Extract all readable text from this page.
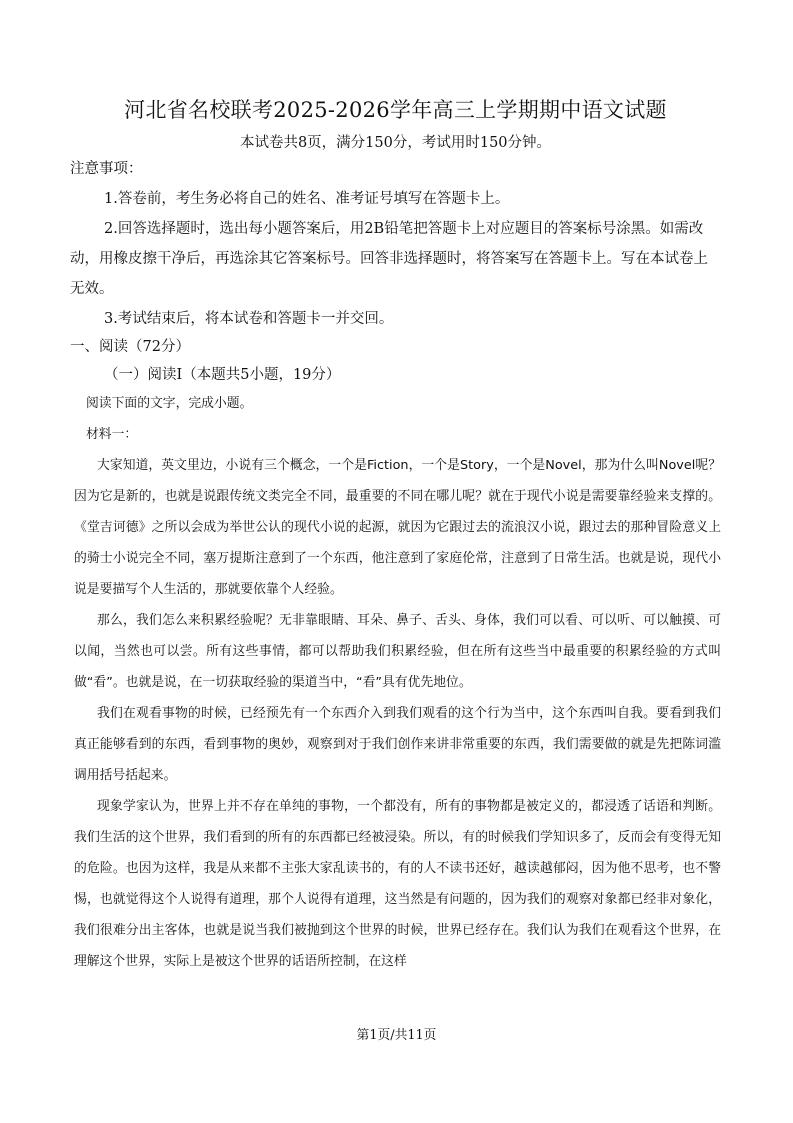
河北省名校联考2025-2026学年高三上学期期中语文试题
本试卷共8页，满分150分，考试用时150分钟。
注意事项：

1.答卷前，考生务必将自己的姓名、准考证号填写在答题卡上。

2.回答选择题时，选出每小题答案后，用2B铅笔把答题卡上对应题目的答案标号涂黑。如需改动，用橡皮擦干净后，再选涂其它答案标号。回答非选择题时，将答案写在答题卡上。写在本试卷上无效。

3.考试结束后，将本试卷和答题卡一并交回。

一、阅读（72分）
（一）阅读Ⅰ（本题共5小题，19分）

阅读下面的文字，完成小题。

材料一：

大家知道，英文里边，小说有三个概念，一个是Fiction，一个是Story，一个是Novel，那为什么叫Novel呢？因为它是新的，也就是说跟传统文类完全不同，最重要的不同在哪儿呢？就在于现代小说是需要靠经验来支撑的。《堂吉诃德》之所以会成为举世公认的现代小说的起源，就因为它跟过去的流浪汉小说，跟过去的那种冒险意义上的骑士小说完全不同，塞万提斯注意到了一个东西，他注意到了家庭伦常，注意到了日常生活。也就是说，现代小说是要描写个人生活的，那就要依靠个人经验。

那么，我们怎么来积累经验呢？无非靠眼睛、耳朵、鼻子、舌头、身体，我们可以看、可以听、可以触摸、可以闻，当然也可以尝。所有这些事情，都可以帮助我们积累经验，但在所有这些当中最重要的积累经验的方式叫做“看”。也就是说，在一切获取经验的渠道当中，“看”具有优先地位。

我们在观看事物的时候，已经预先有一个东西介入到我们观看的这个行为当中，这个东西叫自我。要看到我们真正能够看到的东西，看到事物的奥妙，观察到对于我们创作来讲非常重要的东西，我们需要做的就是先把陈词滥调用括号括起来。

现象学家认为，世界上并不存在单纯的事物，一个都没有，所有的事物都是被定义的，都浸透了话语和判断。我们生活的这个世界，我们看到的所有的东西都已经被浸染。所以，有的时候我们学知识多了，反而会有变得无知的危险。也因为这样，我是从来都不主张大家乱读书的，有的人不读书还好，越读越郁闷，因为他不思考，也不警惕，也就觉得这个人说得有道理，那个人说得有道理，这当然是有问题的，因为我们的观察对象都已经非对象化，我们很难分出主客体，也就是说当我们被抛到这个世界的时候，世界已经存在。我们认为我们在观看这个世界，在理解这个世界，实际上是被这个世界的话语所控制，在这样

第1页/共11页
